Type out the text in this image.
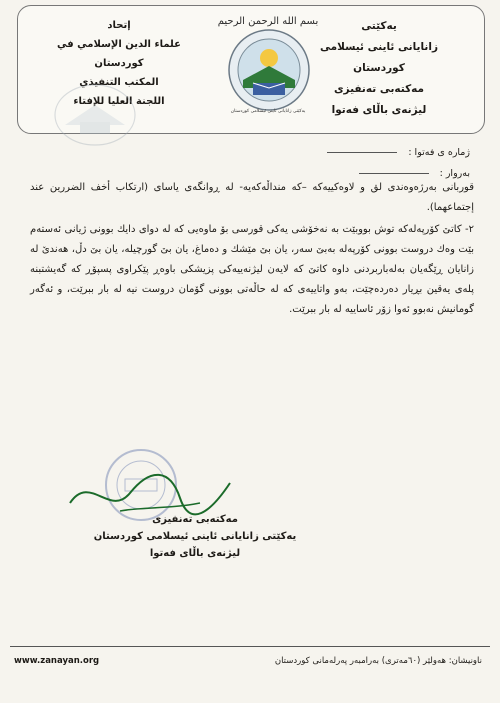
يەكێتی
زانایانی ئاینی ئیسلامی كوردستان
مەكتەبی تەنفیزی
لیژنەی باڵای فەتوا
بسم الله الرحمن الرحيم
یەكێتی زانایانی ئاینی ئیسلامی كوردستان
إتحاد
علماء الدين الإسلامي في كوردستان
المكتب التنفيذي
اللجنة العليا للإفتاء
ژمارە ی فەتوا :
بەروار :
قوربانی بەرژەوەندی لق و لاوەكییەكە –كە منداڵەكەیە- لە ڕوانگەی یاسای (ارتكاب أخف الضررين عند إجتماعهما).
٢- كاتێ كۆرپەلەكە توش بووبێت بە نەخۆشی یەكی قورسی بۆ ماوەیی كە لە دوای دایك بوونی ژیانی ئەستەم بێت وەك دروست بوونی كۆرپەلە بەبێ سەر، یان بێ مێشك و دەماغ، یان بێ گورچیلە، یان بێ دڵ، هەندێ لە زانایان ڕێگەیان بەلەباربردنی داوە كاتێ كە لایەن لیژنەییەكی پزیشكی باوەڕ پێكراوی پسپۆڕ كە گەیشتبنە پلەی یەقین بڕیار دەردەچێت، بەو واتاییەی كە لە حاڵەتی بوونی گۆمان دروست نیە لە بار ببرێت، و ئەگەر گومانیش نەبوو ئەوا زۆر ئاساییە لە بار ببرێت.
مەكتەبی تەنفیزی
یەكێتی زانایانی ئاینی ئیسلامی كوردستان
لیژنەی باڵای فەتوا
ناونیشان: هەولێر (٦٠مەتری) بەرامبەر پەرلەمانی كوردستان
www.zanayan.org
